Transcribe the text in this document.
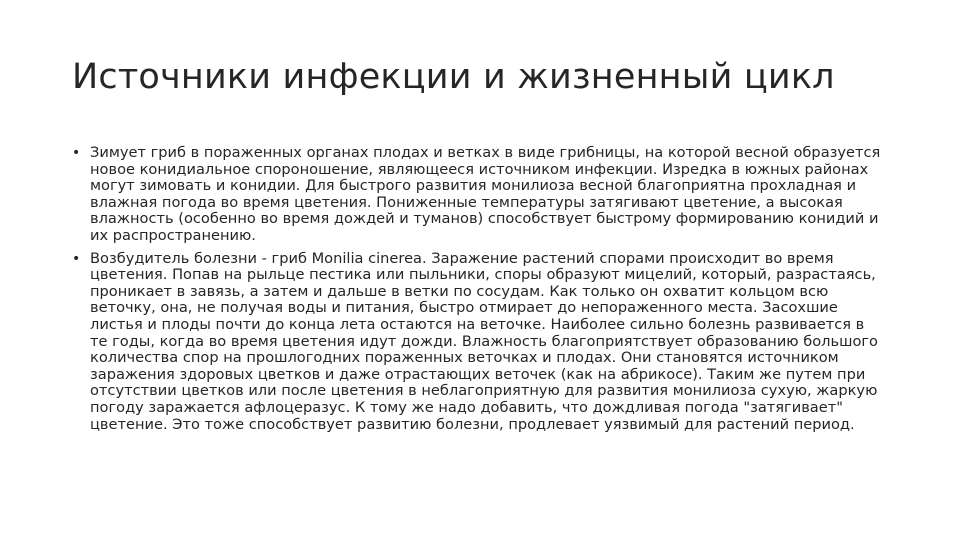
Источники инфекции и жизненный цикл
• Зимует гриб в пораженных органах плодах и ветках в виде грибницы, на которой весной образуется новое конидиальное спороношение, являющееся источником инфекции. Изредка в южных районах могут зимовать и конидии. Для быстрого развития монилиоза весной благоприятна прохладная и влажная погода во время цветения. Пониженные температуры затягивают цветение, а высокая влажность (особенно во время дождей и туманов) способствует быстрому формированию конидий и их распространению.
• Возбудитель болезни - гриб Monilia cinerea. Заражение растений спорами происходит во время цветения. Попав на рыльце пестика или пыльники, споры образуют мицелий, который, разрастаясь, проникает в завязь, а затем и дальше в ветки по сосудам. Как только он охватит кольцом всю веточку, она, не получая воды и питания, быстро отмирает до непораженного места. Засохшие листья и плоды почти до конца лета остаются на веточке. Наиболее сильно болезнь развивается в те годы, когда во время цветения идут дожди. Влажность благоприятствует образованию большого количества спор на прошлогодних пораженных веточках и плодах. Они становятся источником заражения здоровых цветков и даже отрастающих веточек (как на абрикосе). Таким же путем при отсутствии цветков или после цветения в неблагоприятную для развития монилиоза сухую, жаркую погоду заражается афлоцеразус. К тому же надо добавить, что дождливая погода "затягивает" цветение. Это тоже способствует развитию болезни, продлевает уязвимый для растений период.
